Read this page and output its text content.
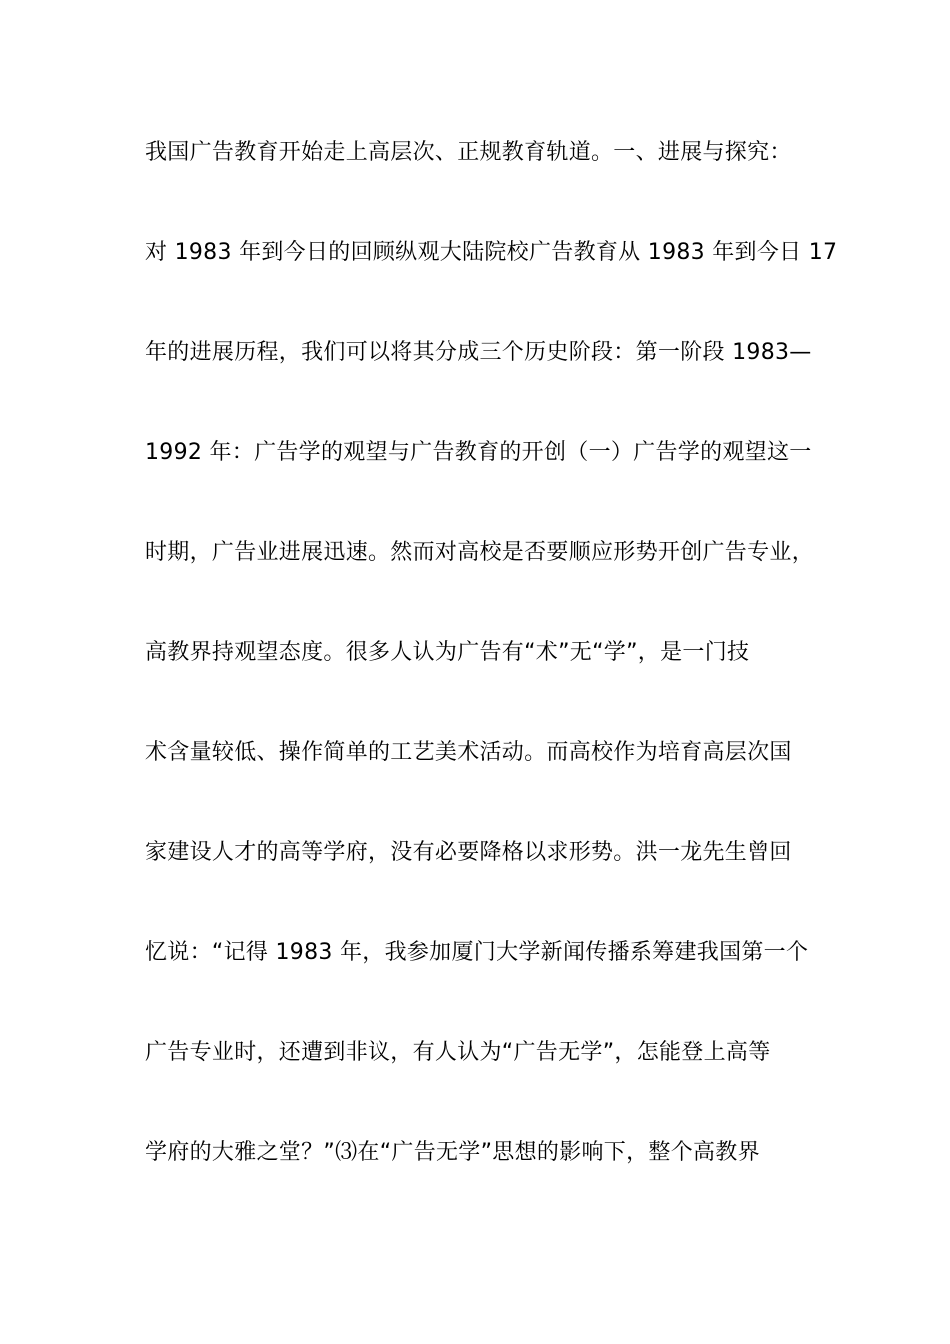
我国广告教育开始走上高层次、正规教育轨道。一、进展与探究：
对 1983 年到今日的回顾纵观大陆院校广告教育从 1983 年到今日 17
年的进展历程，我们可以将其分成三个历史阶段：第一阶段 1983—
1992 年：广告学的观望与广告教育的开创（一）广告学的观望这一
时期，广告业进展迅速。然而对高校是否要顺应形势开创广告专业，
高教界持观望态度。很多人认为广告有“术”无“学”，是一门技
术含量较低、操作简单的工艺美术活动。而高校作为培育高层次国
家建设人才的高等学府，没有必要降格以求形势。洪一龙先生曾回
忆说：“记得 1983 年，我参加厦门大学新闻传播系筹建我国第一个
广告专业时，还遭到非议，有人认为“广告无学”，怎能登上高等
学府的大雅之堂？”⑶在“广告无学”思想的影响下，整个高教界
